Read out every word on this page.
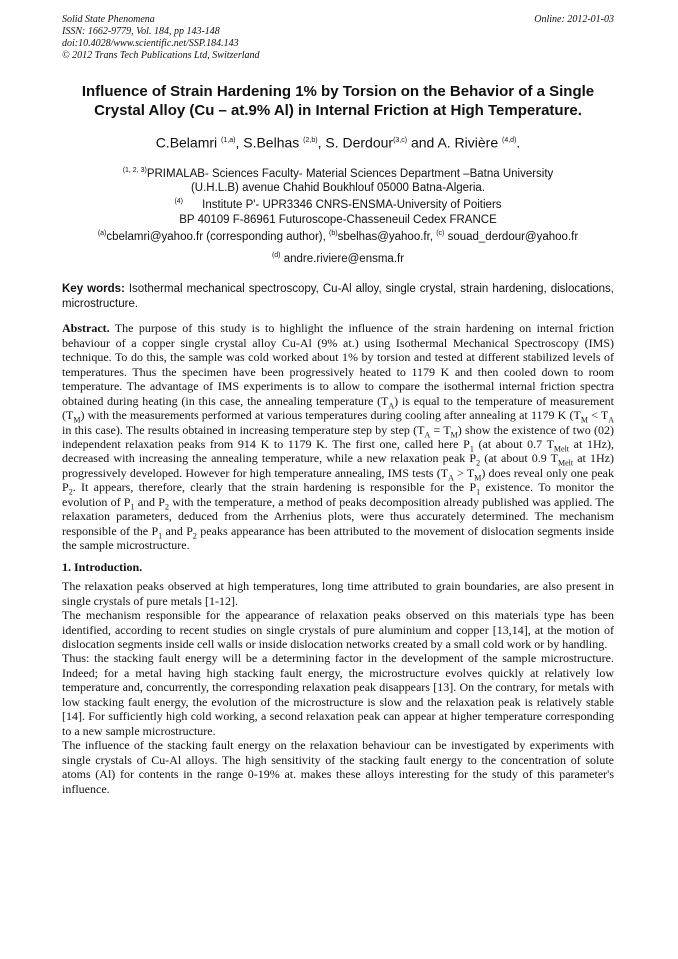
Solid State Phenomena
ISSN: 1662-9779, Vol. 184, pp 143-148
doi:10.4028/www.scientific.net/SSP.184.143
© 2012 Trans Tech Publications Ltd, Switzerland
Online: 2012-01-03
Influence of Strain Hardening 1% by Torsion on the Behavior of a Single Crystal Alloy (Cu – at.9% Al) in Internal Friction at High Temperature.
C.Belamri $^{(1,a)}$, S.Belhas $^{(2,b)}$, S. Derdour$^{(3,c)}$ and A. Rivière $^{(4,d)}$.
$^{(1, 2, 3)}$PRIMALAB- Sciences Faculty- Material Sciences Department –Batna University
(U.H.L.B) avenue Chahid Boukhlouf 05000 Batna-Algeria.
$^{(4)}$ Institute P'- UPR3346 CNRS-ENSMA-University of Poitiers
BP 40109 F-86961 Futuroscope-Chasseneuil Cedex FRANCE
$^{(a)}$cbelamri@yahoo.fr (corresponding author), $^{(b)}$sbelhas@yahoo.fr, $^{(c)}$ souad_derdour@yahoo.fr
$^{(d)}$ andre.riviere@ensma.fr
Key words: Isothermal mechanical spectroscopy, Cu-Al alloy, single crystal, strain hardening, dislocations, microstructure.
Abstract. The purpose of this study is to highlight the influence of the strain hardening on internal friction behaviour of a copper single crystal alloy Cu-Al (9% at.) using Isothermal Mechanical Spectroscopy (IMS) technique. To do this, the sample was cold worked about 1% by torsion and tested at different stabilized levels of temperatures. Thus the specimen have been progressively heated to 1179 K and then cooled down to room temperature. The advantage of IMS experiments is to allow to compare the isothermal internal friction spectra obtained during heating (in this case, the annealing temperature $(T_A)$ is equal to the temperature of measurement $(T_M)$ with the measurements performed at various temperatures during cooling after annealing at 1179 K ($T_M < T_A$ in this case). The results obtained in increasing temperature step by step $(T_A = T_M)$ show the existence of two (02) independent relaxation peaks from 914 K to 1179 K. The first one, called here $P_1$ (at about 0.7 $T_{Melt}$ at 1Hz), decreased with increasing the annealing temperature, while a new relaxation peak $P_2$ (at about 0.9 $T_{Melt}$ at 1Hz) progressively developed. However for high temperature annealing, IMS tests $(T_A > T_M)$ does reveal only one peak $P_2$. It appears, therefore, clearly that the strain hardening is responsible for the $P_1$ existence. To monitor the evolution of $P_1$ and $P_2$ with the temperature, a method of peaks decomposition already published was applied. The relaxation parameters, deduced from the Arrhenius plots, were thus accurately determined. The mechanism responsible of the $P_1$ and $P_2$ peaks appearance has been attributed to the movement of dislocation segments inside the sample microstructure.
1. Introduction.

The relaxation peaks observed at high temperatures, long time attributed to grain boundaries, are also present in single crystals of pure metals [1-12].

The mechanism responsible for the appearance of relaxation peaks observed on this materials type has been identified, according to recent studies on single crystals of pure aluminium and copper [13,14], at the motion of dislocation segments inside cell walls or inside dislocation networks created by a small cold work or by handling.

Thus: the stacking fault energy will be a determining factor in the development of the sample microstructure. Indeed; for a metal having high stacking fault energy, the microstructure evolves quickly at relatively low temperature and, concurrently, the corresponding relaxation peak disappears [13]. On the contrary, for metals with low stacking fault energy, the evolution of the microstructure is slow and the relaxation peak is relatively stable [14]. For sufficiently high cold working, a second relaxation peak can appear at higher temperature corresponding to a new sample microstructure.

The influence of the stacking fault energy on the relaxation behaviour can be investigated by experiments with single crystals of Cu-Al alloys. The high sensitivity of the stacking fault energy to the concentration of solute atoms (Al) for contents in the range 0-19% at. makes these alloys interesting for the study of this parameter's influence.
